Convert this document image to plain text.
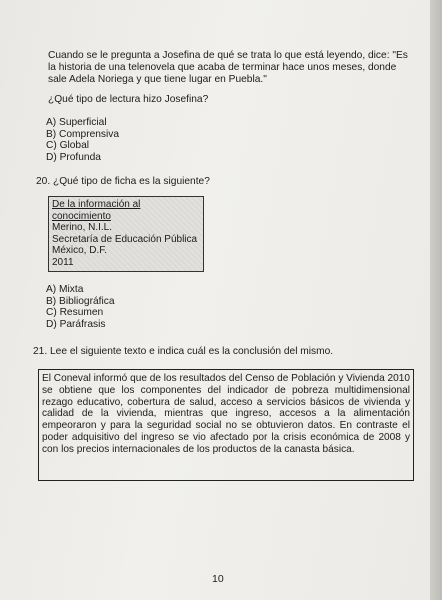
Cuando se le pregunta a Josefina de qué se trata lo que está leyendo, dice: "Es la historia de una telenovela que acaba de terminar hace unos meses, donde sale Adela Noriega y que tiene lugar en Puebla."
¿Qué tipo de lectura hizo Josefina?
A) Superficial
B) Comprensiva
C) Global
D) Profunda
20. ¿Qué tipo de ficha es la siguiente?
De la información al
conocimiento
Merino, N.I.L.
Secretaría de Educación Pública
México, D.F.
2011
A) Mixta
B) Bibliográfica
C) Resumen
D) Paráfrasis
21. Lee el siguiente texto e indica cuál es la conclusión del mismo.

El Coneval informó que de los resultados del Censo de Población y Vivienda 2010 se obtiene que los componentes del indicador de pobreza multidimensional rezago educativo, cobertura de salud, acceso a servicios básicos de vivienda y calidad de la vivienda, mientras que ingreso, accesos a la alimentación empeoraron y para la seguridad social no se obtuvieron datos. En contraste el poder adquisitivo del ingreso se vio afectado por la crisis económica de 2008 y con los precios internacionales de los productos de la canasta básica.

10
